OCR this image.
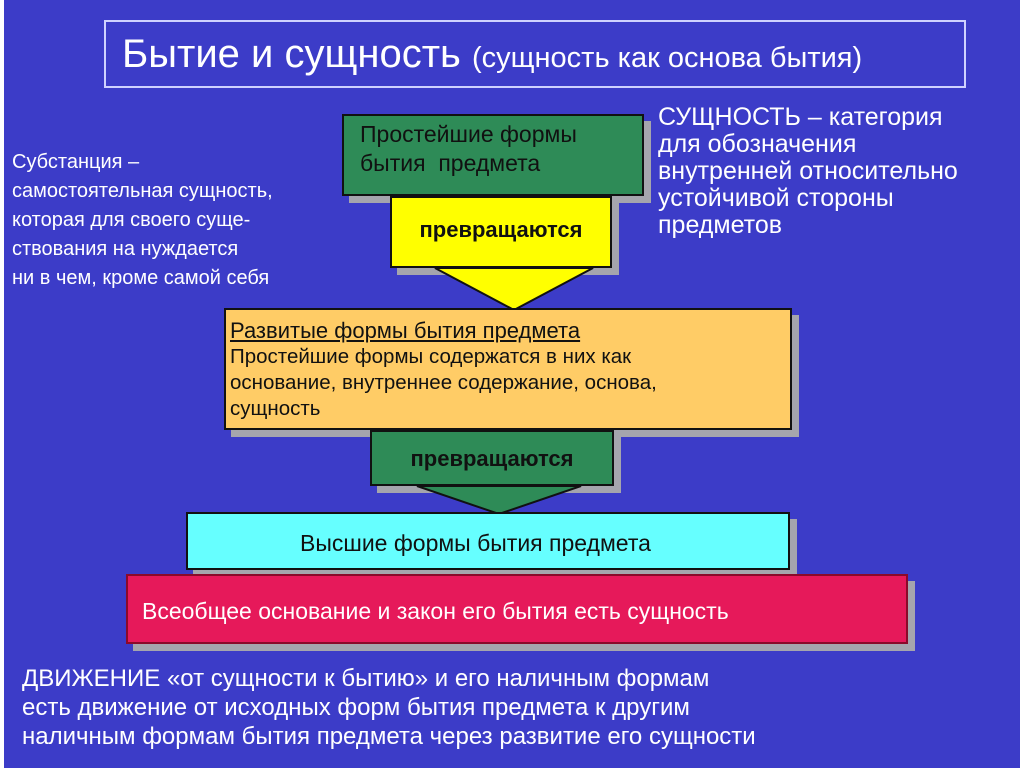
Бытие и сущность (сущность как основа бытия)
Субстанция –
самостоятельная сущность,
которая для своего суще-
ствования на нуждается
ни в чем, кроме самой себя
СУЩНОСТЬ – категория
для обозначения
внутренней относительно
устойчивой стороны
предметов
Простейшие формы
бытия  предмета
превращаются
Развитые формы бытия предмета
Простейшие формы содержатся в них как
основание, внутреннее содержание, основа,
сущность
превращаются
Высшие формы бытия предмета
Всеобщее основание и закон его бытия есть сущность
ДВИЖЕНИЕ «от сущности к бытию» и его наличным формам
есть движение от исходных форм бытия предмета к другим
наличным формам бытия предмета через развитие его сущности
